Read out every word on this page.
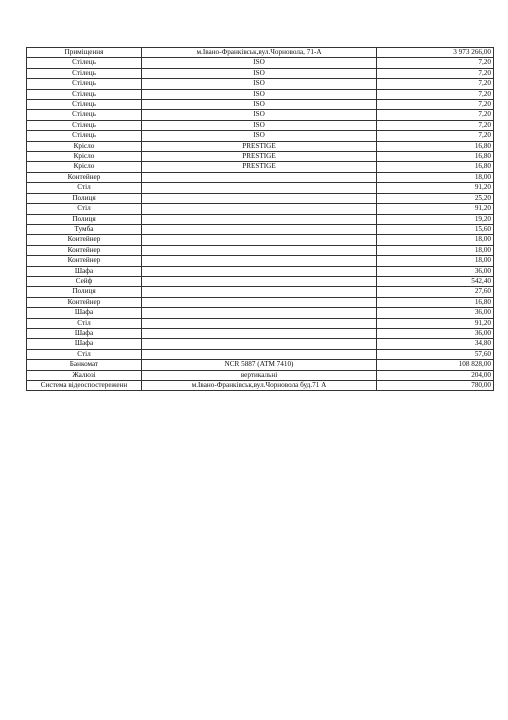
Приміщення	м.Івано-Франківськ,вул.Чорновола, 71-А	3 973 266,00
Стілець	ISO	7,20
Стілець	ISO	7,20
Стілець	ISO	7,20
Стілець	ISO	7,20
Стілець	ISO	7,20
Стілець	ISO	7,20
Стілець	ISO	7,20
Стілець	ISO	7,20
Крісло	PRESTIGE	16,80
Крісло	PRESTIGE	16,80
Крісло	PRESTIGE	16,80
Контейнер		18,00
Стіл		91,20
Полиця		25,20
Стіл		91,20
Полиця		19,20
Тумба		15,60
Контейнер		18,00
Контейнер		18,00
Контейнер		18,00
Шафа		36,00
Сейф		542,40
Полиця		27,60
Контейнер		16,80
Шафа		36,00
Стіл		91,20
Шафа		36,00
Шафа		34,80
Стіл		57,60
Банкомат	NCR 5887 (ATM 7410)	108 828,00
Жалюзі	вертикальні	204,00
Система відеоспостереженн	м.Івано-Франківськ,вул.Чорновола буд.71 А	780,00
